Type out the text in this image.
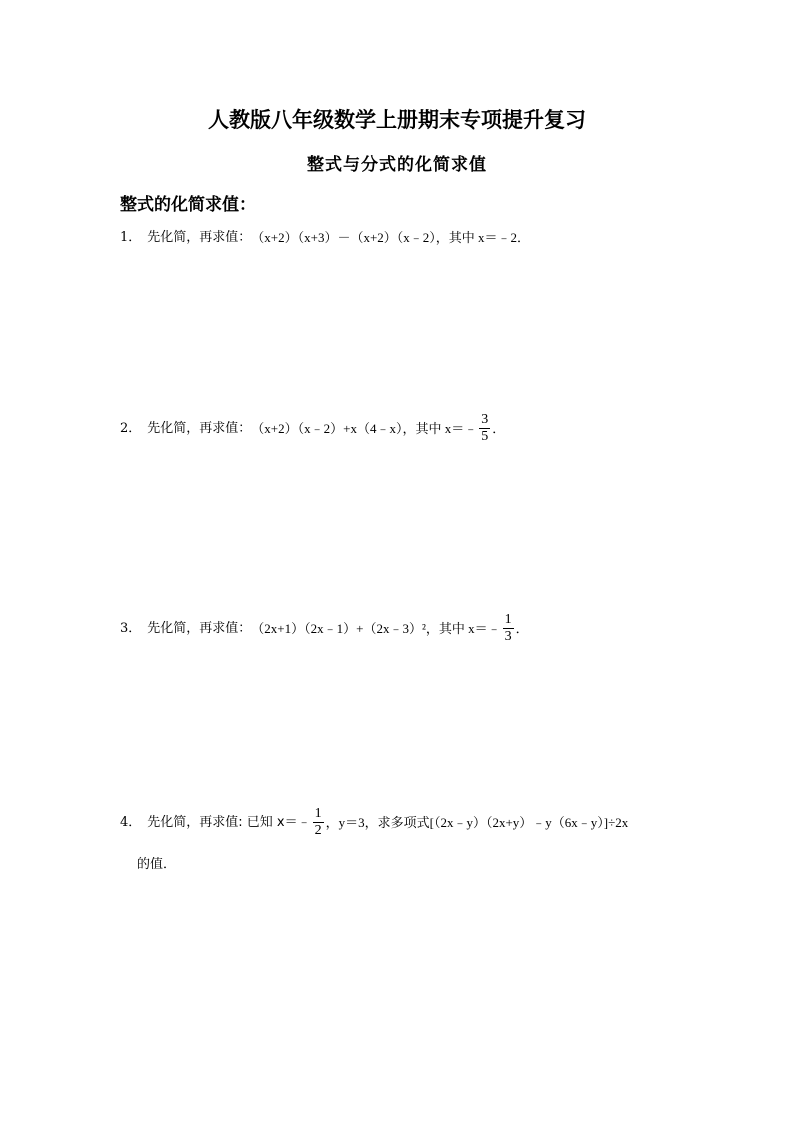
人教版八年级数学上册期末专项提升复习
整式与分式的化简求值
整式的化简求值：
1． 先化简，再求值： （x+2）（x+3）－（x+2）（x﹣2），其中 x＝﹣2．
2． 先化简，再求值： （x+2）（x﹣2）+x（4﹣x），其中 x＝﹣ $\frac{3}{5}$ ．
3． 先化简，再求值： （2x+1）（2x﹣1）+（2x﹣3）²，其中 x＝﹣ $\frac{1}{3}$ ．
4． 先化简，再求值: 已知 x＝﹣ $\frac{1}{2}$ ，y＝3，求多项式[（2x﹣y）（2x+y）﹣y（6x﹣y）]÷2x
的值．
